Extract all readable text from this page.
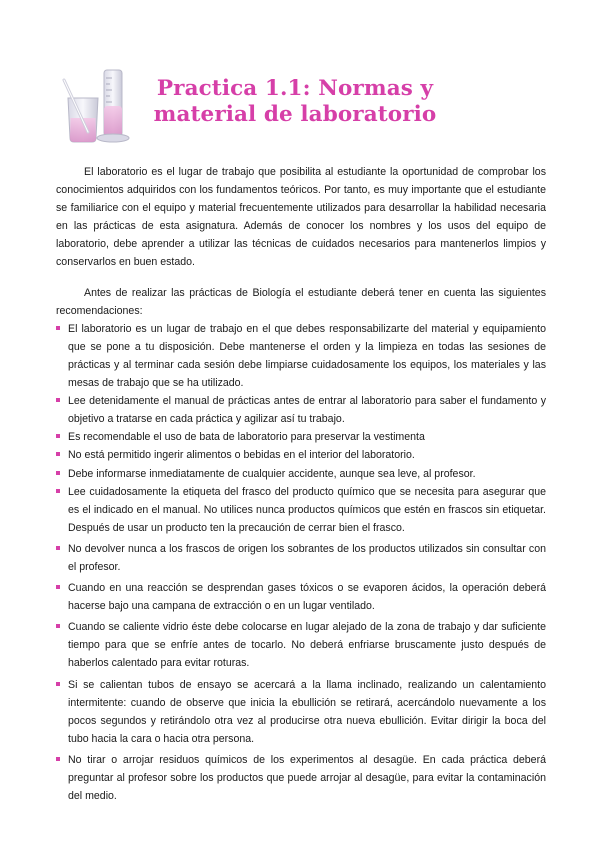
Practica 1.1: Normas y
material de laboratorio

El laboratorio es el lugar de trabajo que posibilita al estudiante la oportunidad de comprobar los conocimientos adquiridos con los fundamentos teóricos. Por tanto, es muy importante que el estudiante se familiarice con el equipo y material frecuentemente utilizados para desarrollar la habilidad necesaria en las prácticas de esta asignatura. Además de conocer los nombres y los usos del equipo de laboratorio, debe aprender a utilizar las técnicas de cuidados necesarios para mantenerlos limpios y conservarlos en buen estado.

Antes de realizar las prácticas de Biología el estudiante deberá tener en cuenta las siguientes recomendaciones:

El laboratorio es un lugar de trabajo en el que debes responsabilizarte del material y equipamiento que se pone a tu disposición. Debe mantenerse el orden y la limpieza en todas las sesiones de prácticas y al terminar cada sesión debe limpiarse cuidadosamente los equipos, los materiales y las mesas de trabajo que se ha utilizado.
Lee detenidamente el manual de prácticas antes de entrar al laboratorio para saber el fundamento y objetivo a tratarse en cada práctica y agilizar así tu trabajo.
Es recomendable el uso de bata de laboratorio para preservar la vestimenta
No está permitido ingerir alimentos o bebidas en el interior del laboratorio.
Debe informarse inmediatamente de cualquier accidente, aunque sea leve, al profesor.
Lee cuidadosamente la etiqueta del frasco del producto químico que se necesita para asegurar que es el indicado en el manual. No utilices nunca productos químicos que estén en frascos sin etiquetar. Después de usar un producto ten la precaución de cerrar bien el frasco.
No devolver nunca a los frascos de origen los sobrantes de los productos utilizados sin consultar con el profesor.
Cuando en una reacción se desprendan gases tóxicos o se evaporen ácidos, la operación deberá hacerse bajo una campana de extracción o en un lugar ventilado.
Cuando se caliente vidrio éste debe colocarse en lugar alejado de la zona de trabajo y dar suficiente tiempo para que se enfríe antes de tocarlo. No deberá enfriarse bruscamente justo después de haberlos calentado para evitar roturas.
Si se calientan tubos de ensayo se acercará a la llama inclinado, realizando un calentamiento intermitente: cuando de observe que inicia la ebullición se retirará, acercándolo nuevamente a los pocos segundos y retirándolo otra vez al producirse otra nueva ebullición. Evitar dirigir la boca del tubo hacia la cara o hacia otra persona.
No tirar o arrojar residuos químicos de los experimentos al desagüe. En cada práctica deberá preguntar al profesor sobre los productos que puede arrojar al desagüe, para evitar la contaminación del medio.
